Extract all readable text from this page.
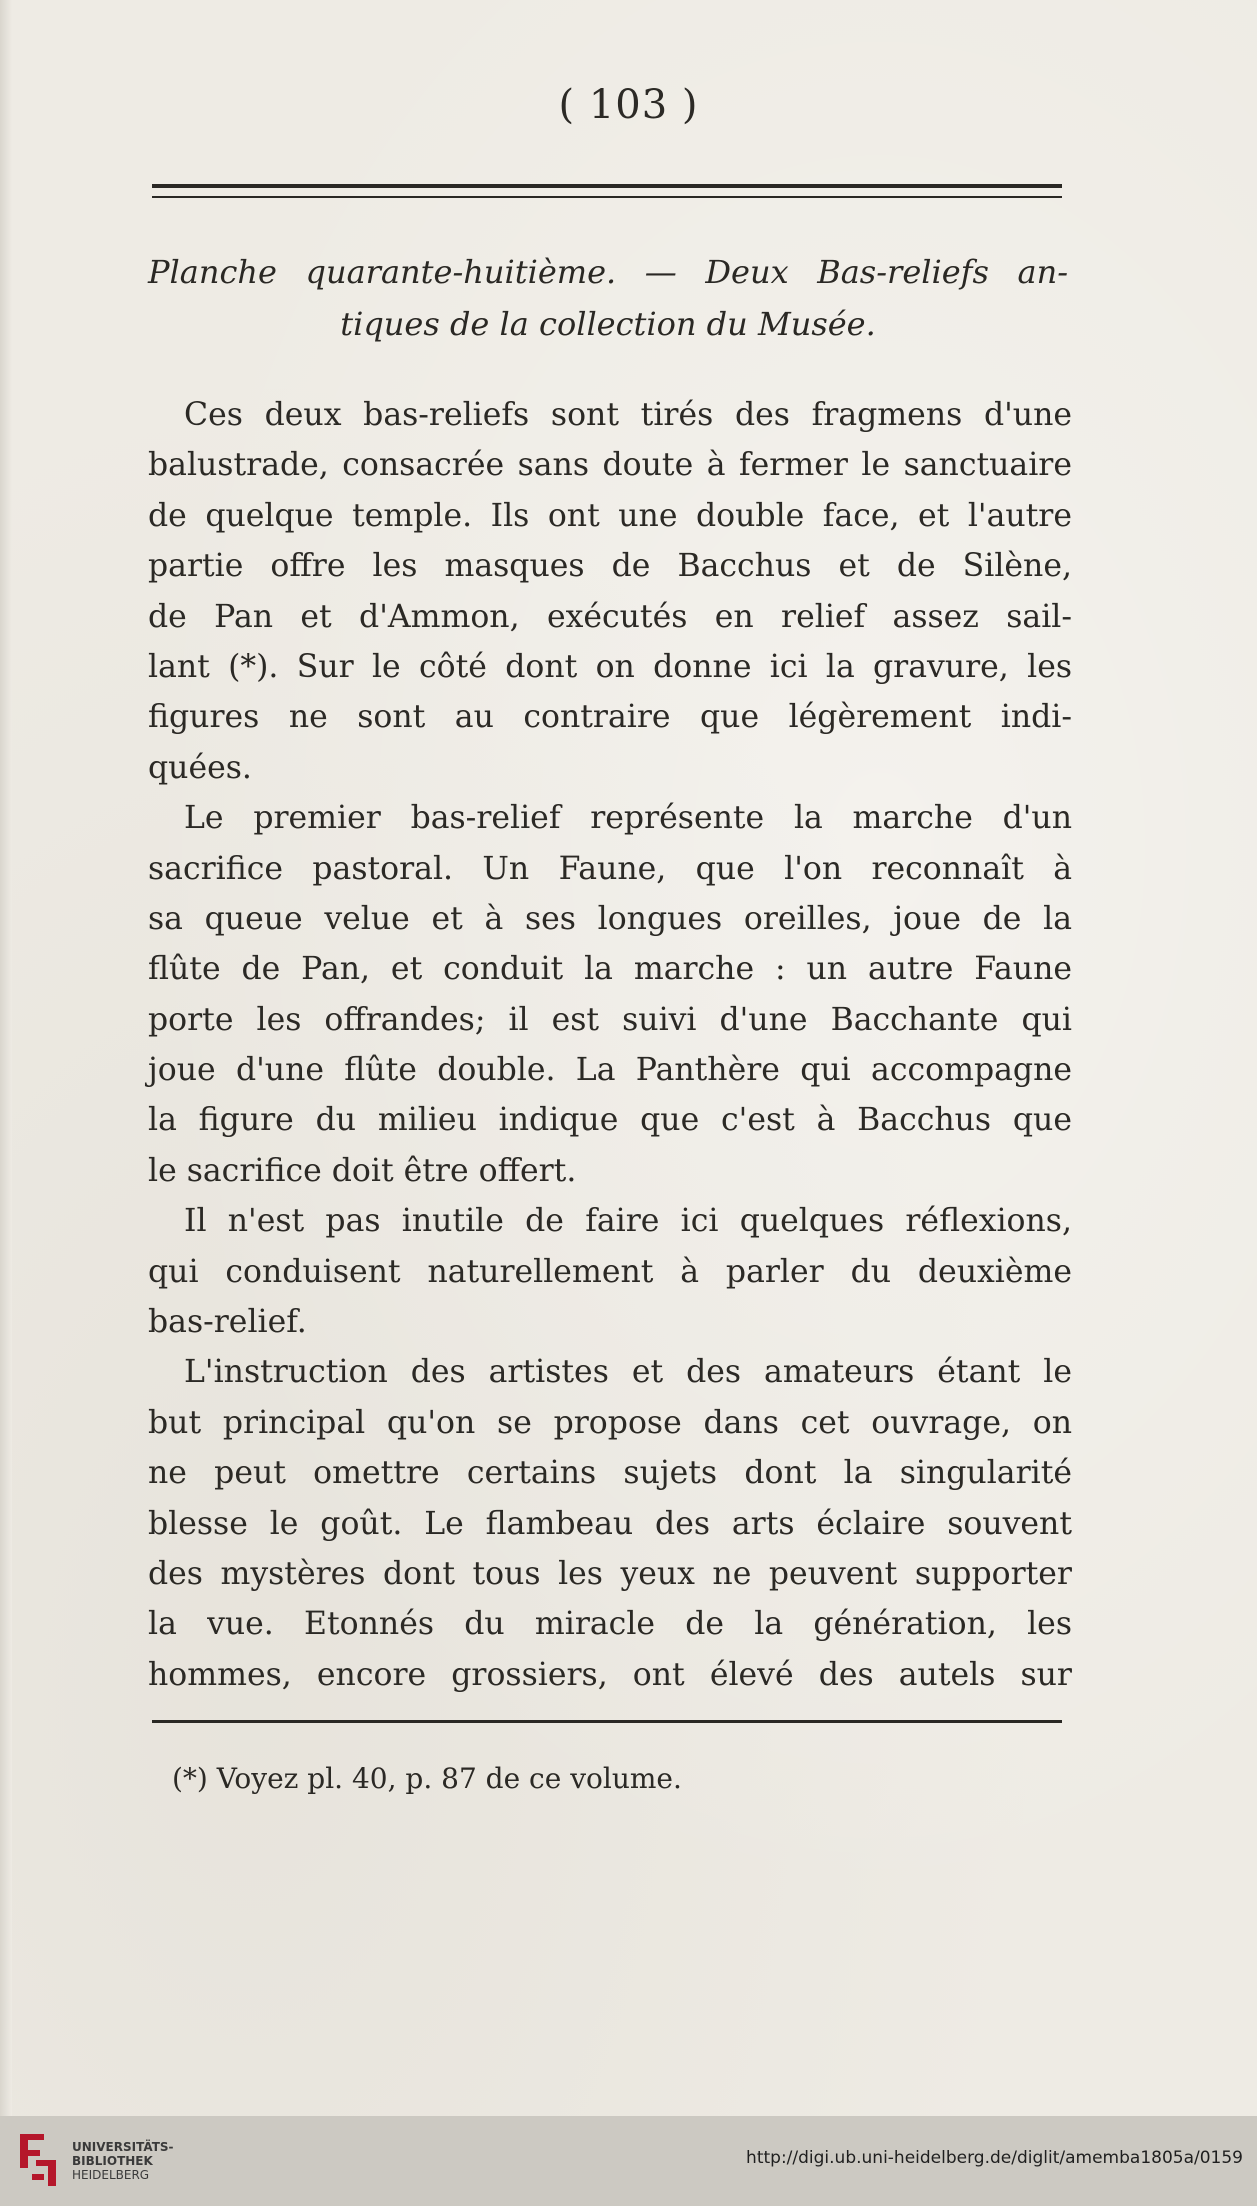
( 103 )
Planche quarante-huitième. — Deux Bas-reliefs an-
tiques de la collection du Musée.
Ces deux bas-reliefs sont tirés des fragmens d'une
balustrade, consacrée sans doute à fermer le sanctuaire
de quelque temple. Ils ont une double face, et l'autre
partie offre les masques de Bacchus et de Silène,
de Pan et d'Ammon, exécutés en relief assez sail-
lant (*). Sur le côté dont on donne ici la gravure, les
figures ne sont au contraire que légèrement indi-
quées.
Le premier bas-relief représente la marche d'un
sacrifice pastoral. Un Faune, que l'on reconnaît à
sa queue velue et à ses longues oreilles, joue de la
flûte de Pan, et conduit la marche : un autre Faune
porte les offrandes; il est suivi d'une Bacchante qui
joue d'une flûte double. La Panthère qui accompagne
la figure du milieu indique que c'est à Bacchus que
le sacrifice doit être offert.
Il n'est pas inutile de faire ici quelques réflexions,
qui conduisent naturellement à parler du deuxième
bas-relief.
L'instruction des artistes et des amateurs étant le
but principal qu'on se propose dans cet ouvrage, on
ne peut omettre certains sujets dont la singularité
blesse le goût. Le flambeau des arts éclaire souvent
des mystères dont tous les yeux ne peuvent supporter
la vue. Etonnés du miracle de la génération, les
hommes, encore grossiers, ont élevé des autels sur
(*) Voyez pl. 40, p. 87 de ce volume.
UNIVERSITÄTS-
BIBLIOTHEK
HEIDELBERG
http://digi.ub.uni-heidelberg.de/diglit/amemba1805a/0159
